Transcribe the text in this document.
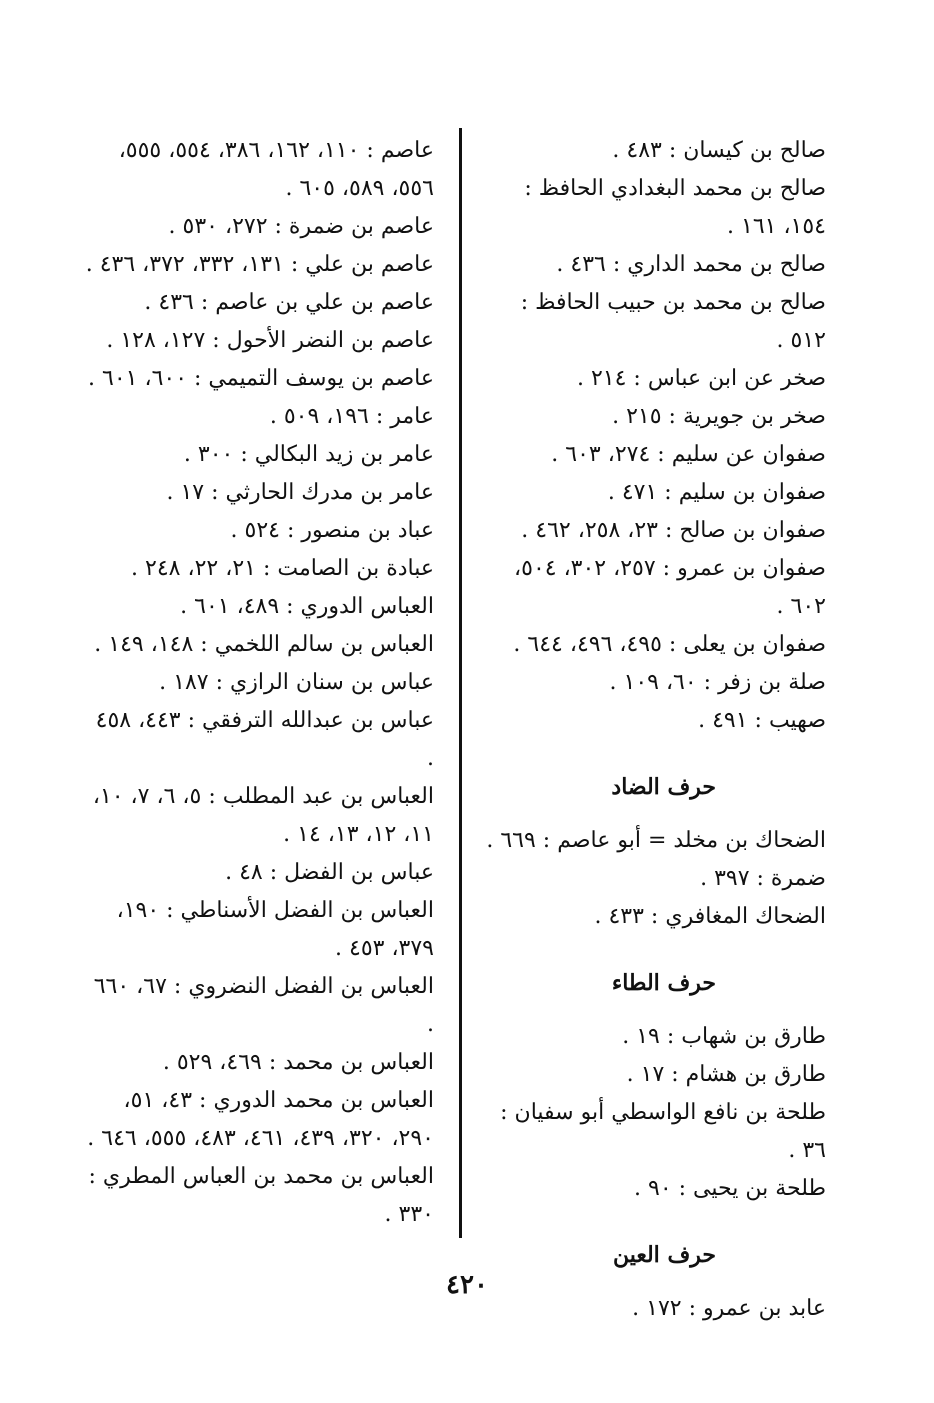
صالح بن كيسان : ٤٨٣ .

صالح بن محمد البغدادي الحافظ : ١٥٤، ١٦١ .

صالح بن محمد الداري : ٤٣٦ .

صالح بن محمد بن حبيب الحافظ : ٥١٢ .

صخر عن ابن عباس : ٢١٤ .

صخر بن جويرية : ٢١٥ .

صفوان عن سليم : ٢٧٤، ٦٠٣ .

صفوان بن سليم : ٤٧١ .

صفوان بن صالح : ٢٣، ٢٥٨، ٤٦٢ .

صفوان بن عمرو : ٢٥٧، ٣٠٢، ٥٠٤، ٦٠٢ .

صفوان بن يعلى : ٤٩٥، ٤٩٦، ٦٤٤ .

صلة بن زفر : ٦٠، ١٠٩ .

صهيب : ٤٩١ .

حرف الضاد

الضحاك بن مخلد = أبو عاصم : ٦٦٩ .

ضمرة : ٣٩٧ .

الضحاك المغافري : ٤٣٣ .

حرف الطاء

طارق بن شهاب : ١٩ .

طارق بن هشام : ١٧ .

طلحة بن نافع الواسطي أبو سفيان : ٣٦ .

طلحة بن يحيى : ٩٠ .

حرف العين

عابد بن عمرو : ١٧٢ .

عاصم : ١١٠، ١٦٢، ٣٨٦، ٥٥٤، ٥٥٥، ٥٥٦، ٥٨٩، ٦٠٥ .

عاصم بن ضمرة : ٢٧٢، ٥٣٠ .

عاصم بن علي : ١٣١، ٣٣٢، ٣٧٢، ٤٣٦ .

عاصم بن علي بن عاصم : ٤٣٦ .

عاصم بن النضر الأحول : ١٢٧، ١٢٨ .

عاصم بن يوسف التميمي : ٦٠٠، ٦٠١ .

عامر : ١٩٦، ٥٠٩ .

عامر بن زيد البكالي : ٣٠٠ .

عامر بن مدرك الحارثي : ١٧ .

عباد بن منصور : ٥٢٤ .

عبادة بن الصامت : ٢١، ٢٢، ٢٤٨ .

العباس الدوري : ٤٨٩، ٦٠١ .

العباس بن سالم اللخمي : ١٤٨، ١٤٩ .

عباس بن سنان الرازي : ١٨٧ .

عباس بن عبدالله الترفقي : ٤٤٣، ٤٥٨ .

العباس بن عبد المطلب : ٥، ٦، ٧، ١٠، ١١، ١٢، ١٣، ١٤ .

عباس بن الفضل : ٤٨ .

العباس بن الفضل الأسناطي : ١٩٠، ٣٧٩، ٤٥٣ .

العباس بن الفضل النضروي : ٦٧، ٦٦٠ .

العباس بن محمد : ٤٦٩، ٥٢٩ .

العباس بن محمد الدوري : ٤٣، ٥١، ٢٩٠، ٣٢٠، ٤٣٩، ٤٦١، ٤٨٣، ٥٥٥، ٦٤٦ .

العباس بن محمد بن العباس المطري : ٣٣٠ .

٤٢٠
